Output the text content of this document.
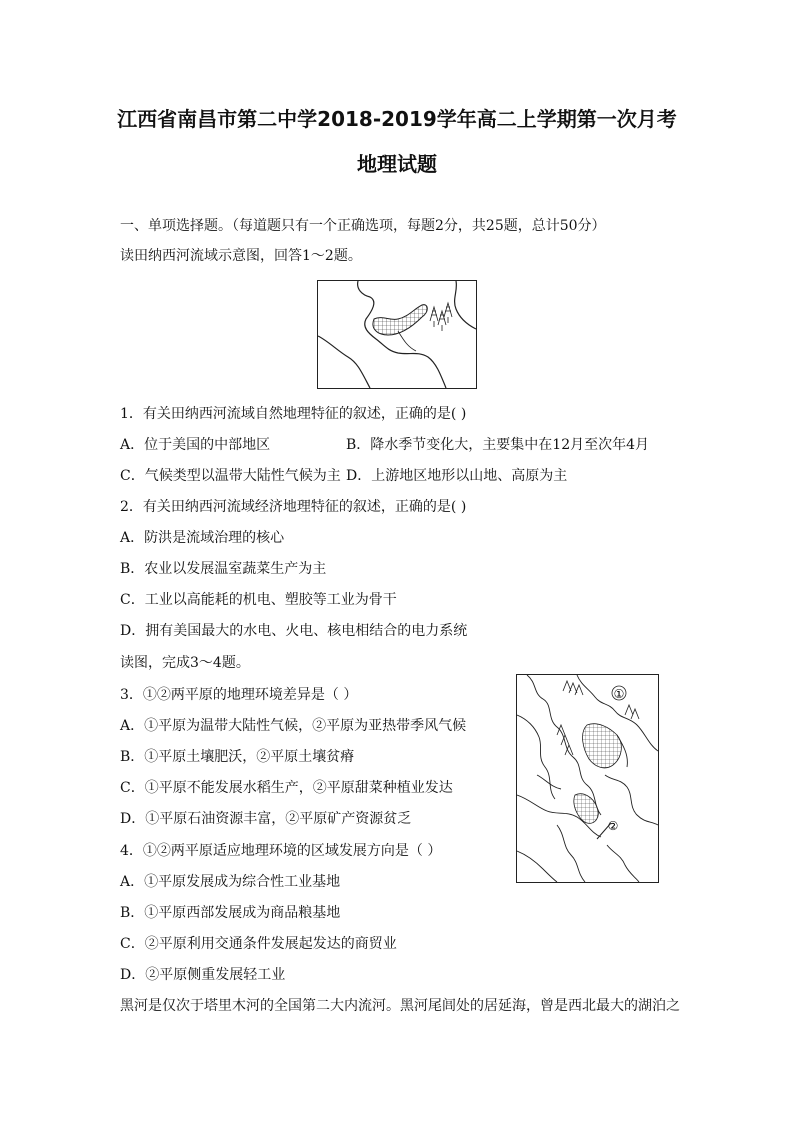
江西省南昌市第二中学2018-2019学年高二上学期第一次月考
地理试题
一、单项选择题。（每道题只有一个正确选项，每题2分，共25题，总计50分）
读田纳西河流域示意图，回答1～2题。
1．有关田纳西河流域自然地理特征的叙述，正确的是( )
A．位于美国的中部地区	B．降水季节变化大，主要集中在12月至次年4月
C．气候类型以温带大陆性气候为主 D．上游地区地形以山地、高原为主
2．有关田纳西河流域经济地理特征的叙述，正确的是( )
A．防洪是流域治理的核心
B．农业以发展温室蔬菜生产为主
C．工业以高能耗的机电、塑胶等工业为骨干
D．拥有美国最大的水电、火电、核电相结合的电力系统
读图，完成3～4题。
①
②
3．①②两平原的地理环境差异是（ ）
A．①平原为温带大陆性气候，②平原为亚热带季风气候
B．①平原土壤肥沃，②平原土壤贫瘠
C．①平原不能发展水稻生产，②平原甜菜种植业发达
D．①平原石油资源丰富，②平原矿产资源贫乏
4．①②两平原适应地理环境的区域发展方向是（ ）
A．①平原发展成为综合性工业基地
B．①平原西部发展成为商品粮基地
C．②平原利用交通条件发展起发达的商贸业
D．②平原侧重发展轻工业
黑河是仅次于塔里木河的全国第二大内流河。黑河尾闾处的居延海，曾是西北最大的湖泊之
